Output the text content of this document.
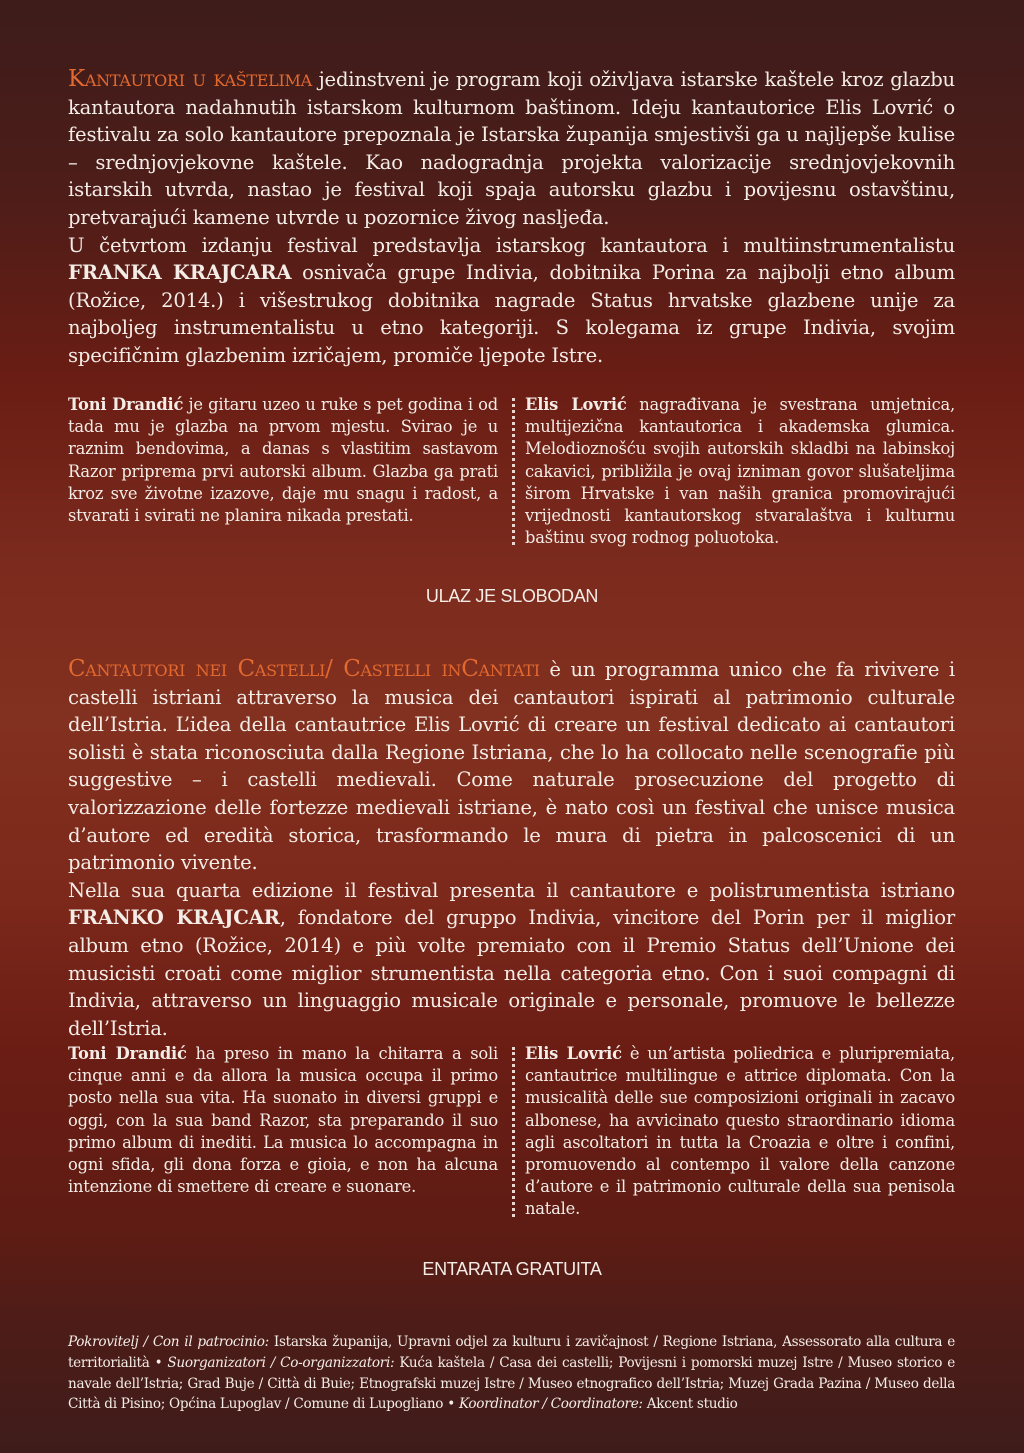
Kantautori u kaštelima jedinstveni je program koji oživljava istarske kaštele kroz glazbu kantautora nadahnutih istarskom kulturnom baštinom. Ideju kantautorice Elis Lovrić o festivalu za solo kantautore prepoznala je Istarska županija smjestivši ga u najljepše kulise – srednjovjekovne kaštele. Kao nadogradnja projekta valorizacije srednjovjekovnih istarskih utvrda, nastao je festival koji spaja autorsku glazbu i povijesnu ostavštinu, pretvarajući kamene utvrde u pozornice živog nasljeđa.

U četvrtom izdanju festival predstavlja istarskog kantautora i multiinstrumentalistu FRANKA KRAJCARA osnivača grupe Indivia, dobitnika Porina za najbolji etno album (Rožice, 2014.) i višestrukog dobitnika nagrade Status hrvatske glazbene unije za najboljeg instrumentalistu u etno kategoriji. S kolegama iz grupe Indivia, svojim specifičnim glazbenim izričajem, promiče ljepote Istre.

Toni Drandić je gitaru uzeo u ruke s pet godina i od tada mu je glazba na prvom mjestu. Svirao je u raznim bendovima, a danas s vlastitim sastavom Razor priprema prvi autorski album. Glazba ga prati kroz sve životne izazove, daje mu snagu i radost, a stvarati i svirati ne planira nikada prestati.
Elis Lovrić nagrađivana je svestrana umjetnica, multijezična kantautorica i akademska glumica. Melodioznošću svojih autorskih skladbi na labinskoj cakavici, približila je ovaj izniman govor slušateljima širom Hrvatske i van naših granica promovirajući vrijednosti kantautorskog stvaralaštva i kulturnu baštinu svog rodnog poluotoka.
ULAZ JE SLOBODAN

Cantautori nei Castelli/ Castelli inCantati è un programma unico che fa rivivere i castelli istriani attraverso la musica dei cantautori ispirati al patrimonio culturale dell’Istria. L’idea della cantautrice Elis Lovrić di creare un festival dedicato ai cantautori solisti è stata riconosciuta dalla Regione Istriana, che lo ha collocato nelle scenografie più suggestive – i castelli medievali. Come naturale prosecuzione del progetto di valorizzazione delle fortezze medievali istriane, è nato così un festival che unisce musica d’autore ed eredità storica, trasformando le mura di pietra in palcoscenici di un patrimonio vivente.

Nella sua quarta edizione il festival presenta il cantautore e polistrumentista istriano FRANKO KRAJCAR, fondatore del gruppo Indivia, vincitore del Porin per il miglior album etno (Rožice, 2014) e più volte premiato con il Premio Status dell’Unione dei musicisti croati come miglior strumentista nella categoria etno. Con i suoi compagni di Indivia, attraverso un linguaggio musicale originale e personale, promuove le bellezze dell’Istria.

Toni Drandić ha preso in mano la chitarra a soli cinque anni e da allora la musica occupa il primo posto nella sua vita. Ha suonato in diversi gruppi e oggi, con la sua band Razor, sta preparando il suo primo album di inediti. La musica lo accompagna in ogni sfida, gli dona forza e gioia, e non ha alcuna intenzione di smettere di creare e suonare.
Elis Lovrić è un’artista poliedrica e pluripremiata, cantautrice multilingue e attrice diplomata. Con la musicalità delle sue composizioni originali in zacavo albonese, ha avvicinato questo straordinario idioma agli ascoltatori in tutta la Croazia e oltre i confini, promuovendo al contempo il valore della canzone d’autore e il patrimonio culturale della sua penisola natale.
ENTARATA GRATUITA
Pokrovitelj / Con il patrocinio: Istarska županija, Upravni odjel za kulturu i zavičajnost / Regione Istriana, Assessorato alla cultura e territorialità • Suorganizatori / Co-organizzatori: Kuća kaštela / Casa dei castelli; Povijesni i pomorski muzej Istre / Museo storico e navale dell’Istria; Grad Buje / Città di Buie; Etnografski muzej Istre / Museo etnografico dell’Istria; Muzej Grada Pazina / Museo della Città di Pisino; Općina Lupoglav / Comune di Lupogliano • Koordinator / Coordinatore: Akcent studio
